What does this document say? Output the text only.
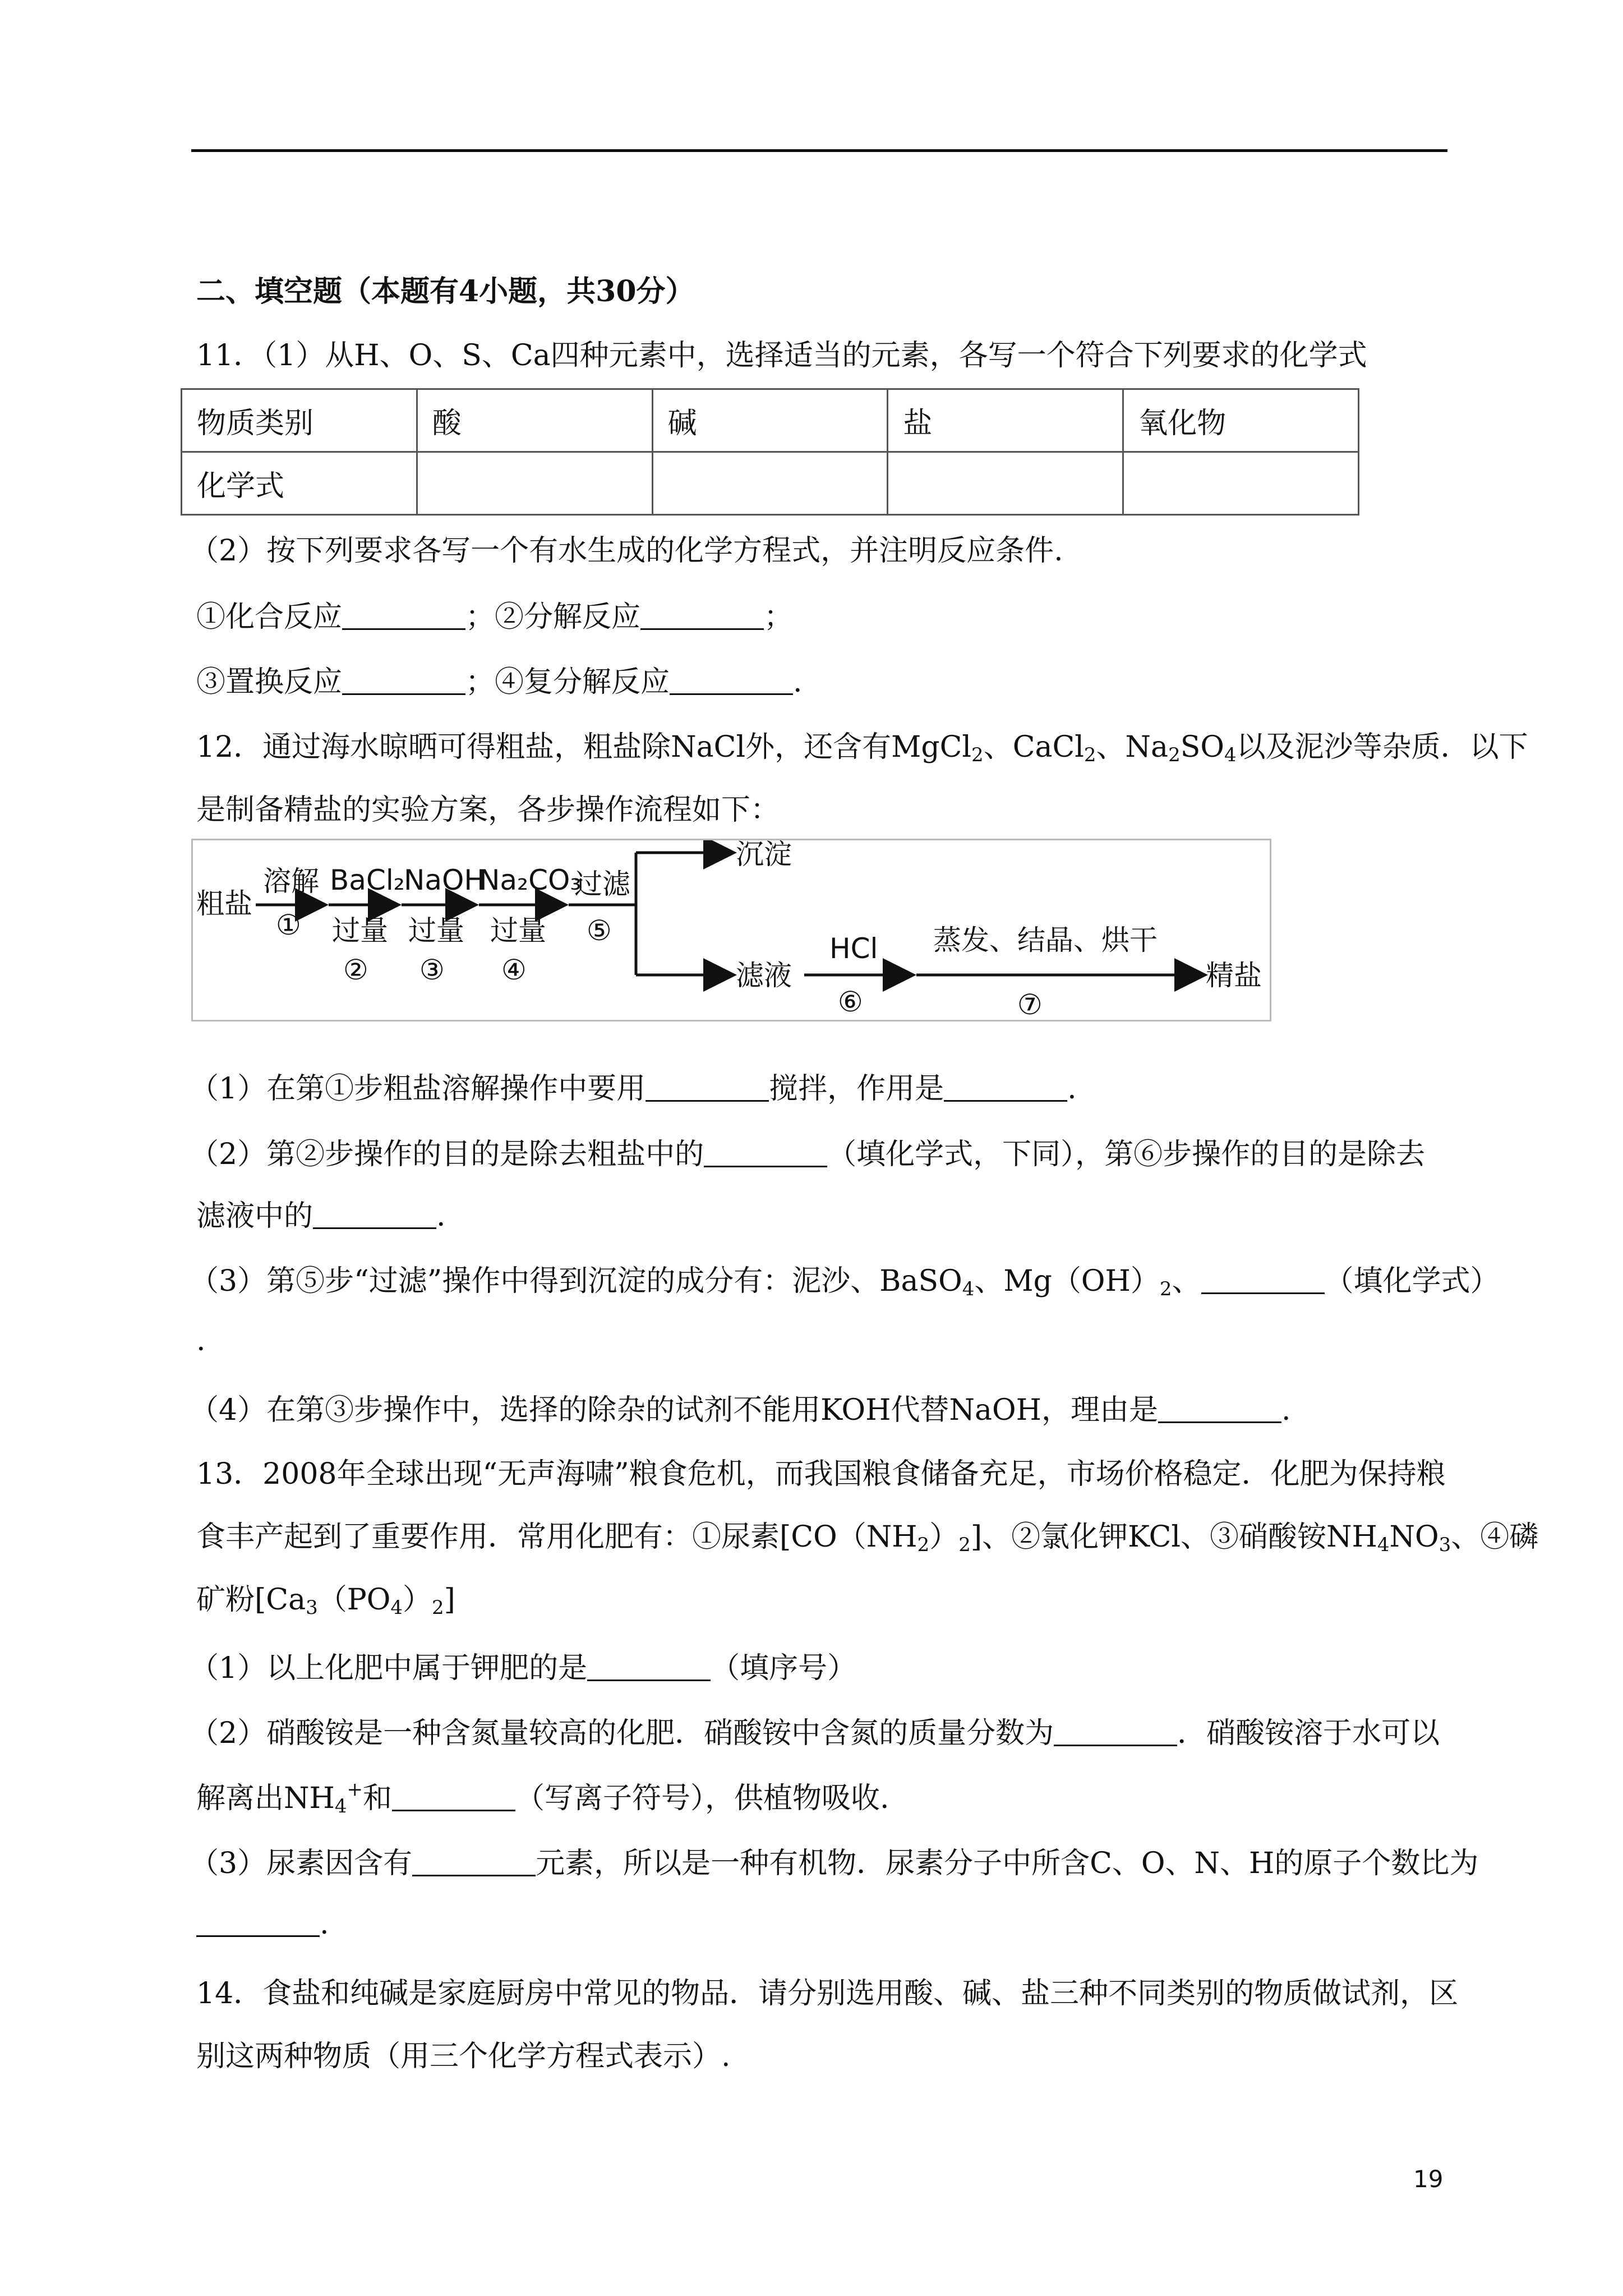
二、填空题（本题有4小题，共30分）
11．（1）从H、O、S、Ca四种元素中，选择适当的元素，各写一个符合下列要求的化学式
物质类别	酸	碱	盐	氧化物
化学式				
（2）按下列要求各写一个有水生成的化学方程式，并注明反应条件.
①化合反应	；②分解反应	；
③置换反应	；④复分解反应	.
12．通过海水晾晒可得粗盐，粗盐除NaCl外，还含有MgCl$_2$、CaCl$_2$、$Na_2SO_4$以及泥沙等杂质．以下
是制备精盐的实验方案，各步操作流程如下：
粗盐
溶解
①
BaCl₂
过量
②
NaOH
过量
③
Na₂CO₃
过量
④
过滤
⑤
沉淀
滤液
HCl
⑥
蒸发、结晶、烘干
⑦
精盐
（1）在第①步粗盐溶解操作中要用	搅拌，作用是	.
（2）第②步操作的目的是除去粗盐中的	（填化学式，下同），第⑥步操作的目的是除去
滤液中的	.
（3）第⑤步“过滤”操作中得到沉淀的成分有：泥沙、BaSO$_4$、$Mg(OH)_2$、	（填化学式）
.
（4）在第③步操作中，选择的除杂的试剂不能用KOH代替NaOH，理由是	.
13．2008年全球出现“无声海啸”粮食危机，而我国粮食储备充足，市场价格稳定．化肥为保持粮
食丰产起到了重要作用．常用化肥有：①尿素$[CO(NH_2)_2]$、②氯化钾KCl、③硝酸铵$NH_4NO_3$、④磷
矿粉$[Ca_3(PO_4)_2]$
（1）以上化肥中属于钾肥的是	（填序号）
（2）硝酸铵是一种含氮量较高的化肥．硝酸铵中含氮的质量分数为	．硝酸铵溶于水可以
解离出$NH_4^+$和	（写离子符号），供植物吸收.
（3）尿素因含有	元素，所以是一种有机物．尿素分子中所含C、O、N、H的原子个数比为
.
14．食盐和纯碱是家庭厨房中常见的物品．请分别选用酸、碱、盐三种不同类别的物质做试剂，区
别这两种物质（用三个化学方程式表示）.
19
